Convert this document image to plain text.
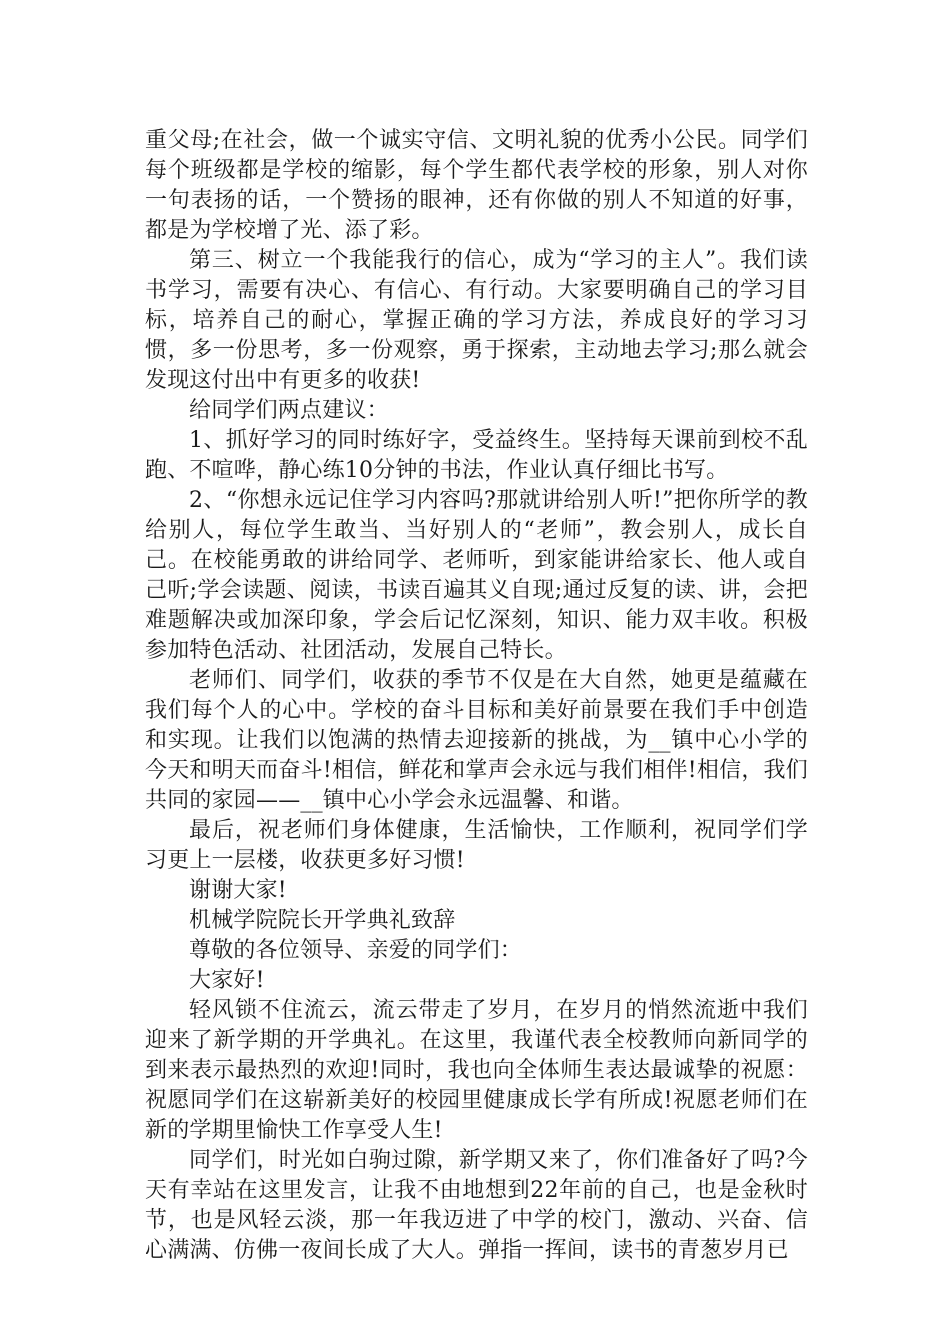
重父母;在社会，做一个诚实守信、文明礼貌的优秀小公民。同学们每个班级都是学校的缩影，每个学生都代表学校的形象，别人对你一句表扬的话，一个赞扬的眼神，还有你做的别人不知道的好事，都是为学校增了光、添了彩。

第三、树立一个我能我行的信心，成为“学习的主人”。我们读书学习，需要有决心、有信心、有行动。大家要明确自己的学习目标，培养自己的耐心，掌握正确的学习方法，养成良好的学习习惯，多一份思考，多一份观察，勇于探索，主动地去学习;那么就会发现这付出中有更多的收获!

给同学们两点建议：

1、抓好学习的同时练好字，受益终生。坚持每天课前到校不乱跑、不喧哗，静心练10分钟的书法，作业认真仔细比书写。

2、“你想永远记住学习内容吗?那就讲给别人听!”把你所学的教给别人，每位学生敢当、当好别人的“老师”，教会别人，成长自己。在校能勇敢的讲给同学、老师听，到家能讲给家长、他人或自己听;学会读题、阅读，书读百遍其义自现;通过反复的读、讲，会把难题解决或加深印象，学会后记忆深刻，知识、能力双丰收。积极参加特色活动、社团活动，发展自己特长。

老师们、同学们，收获的季节不仅是在大自然，她更是蕴藏在我们每个人的心中。学校的奋斗目标和美好前景要在我们手中创造和实现。让我们以饱满的热情去迎接新的挑战，为__镇中心小学的今天和明天而奋斗!相信，鲜花和掌声会永远与我们相伴!相信，我们共同的家园——__镇中心小学会永远温馨、和谐。

最后，祝老师们身体健康，生活愉快，工作顺利，祝同学们学习更上一层楼，收获更多好习惯!

谢谢大家!

机械学院院长开学典礼致辞

尊敬的各位领导、亲爱的同学们：

大家好!

轻风锁不住流云，流云带走了岁月，在岁月的悄然流逝中我们迎来了新学期的开学典礼。在这里，我谨代表全校教师向新同学的到来表示最热烈的欢迎!同时，我也向全体师生表达最诚挚的祝愿：祝愿同学们在这崭新美好的校园里健康成长学有所成!祝愿老师们在新的学期里愉快工作享受人生!

同学们，时光如白驹过隙，新学期又来了，你们准备好了吗?今天有幸站在这里发言，让我不由地想到22年前的自己，也是金秋时节，也是风轻云淡，那一年我迈进了中学的校门，激动、兴奋、信心满满、仿佛一夜间长成了大人。弹指一挥间，读书的青葱岁月已
